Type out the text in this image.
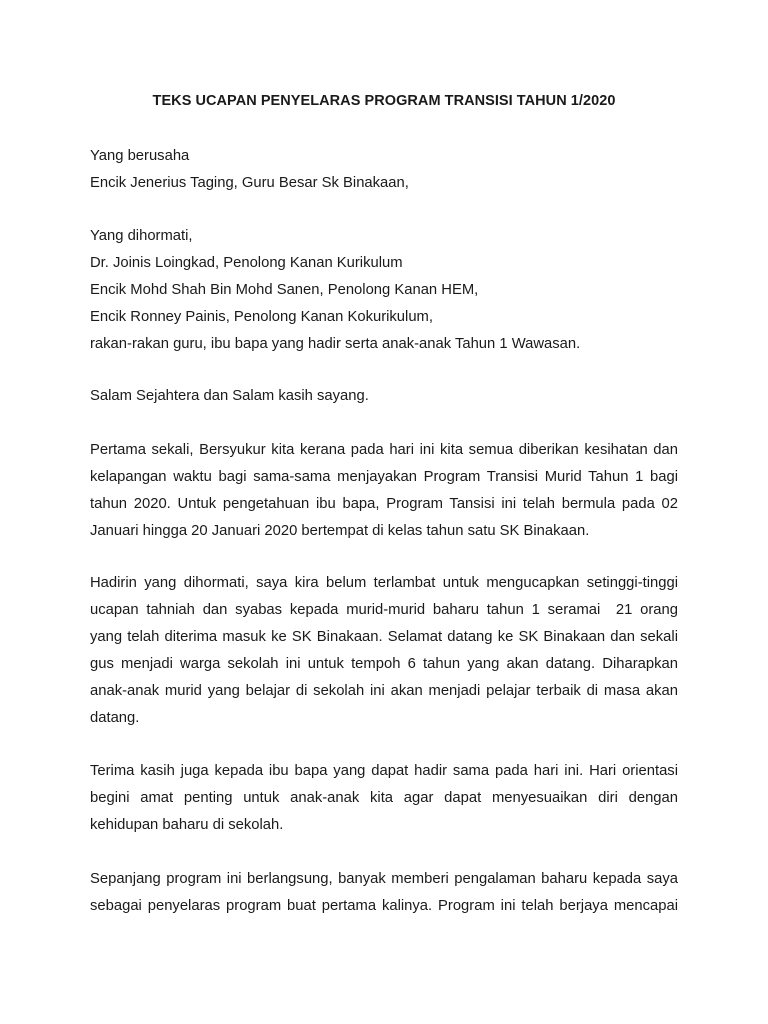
TEKS UCAPAN PENYELARAS PROGRAM TRANSISI TAHUN 1/2020

Yang berusaha
Encik Jenerius Taging, Guru Besar Sk Binakaan,

Yang dihormati,
Dr. Joinis Loingkad, Penolong Kanan Kurikulum
Encik Mohd Shah Bin Mohd Sanen, Penolong Kanan HEM,
Encik Ronney Painis, Penolong Kanan Kokurikulum,
rakan-rakan guru, ibu bapa yang hadir serta anak-anak Tahun 1 Wawasan.

Salam Sejahtera dan Salam kasih sayang.

Pertama sekali, Bersyukur kita kerana pada hari ini kita semua diberikan kesihatan dan
kelapangan waktu bagi sama-sama menjayakan Program Transisi Murid Tahun 1 bagi
tahun 2020. Untuk pengetahuan ibu bapa, Program Tansisi ini telah bermula pada 02
Januari hingga 20 Januari 2020 bertempat di kelas tahun satu SK Binakaan.

Hadirin yang dihormati, saya kira belum terlambat untuk mengucapkan setinggi-tinggi
ucapan tahniah dan syabas kepada murid-murid baharu tahun 1 seramai  21 orang
yang telah diterima masuk ke SK Binakaan. Selamat datang ke SK Binakaan dan sekali
gus menjadi warga sekolah ini untuk tempoh 6 tahun yang akan datang. Diharapkan
anak-anak murid yang belajar di sekolah ini akan menjadi pelajar terbaik di masa akan
datang.

Terima kasih juga kepada ibu bapa yang dapat hadir sama pada hari ini. Hari orientasi
begini amat penting untuk anak-anak kita agar dapat menyesuaikan diri dengan
kehidupan baharu di sekolah.

Sepanjang program ini berlangsung, banyak memberi pengalaman baharu kepada saya
sebagai penyelaras program buat pertama kalinya. Program ini telah berjaya mencapai
